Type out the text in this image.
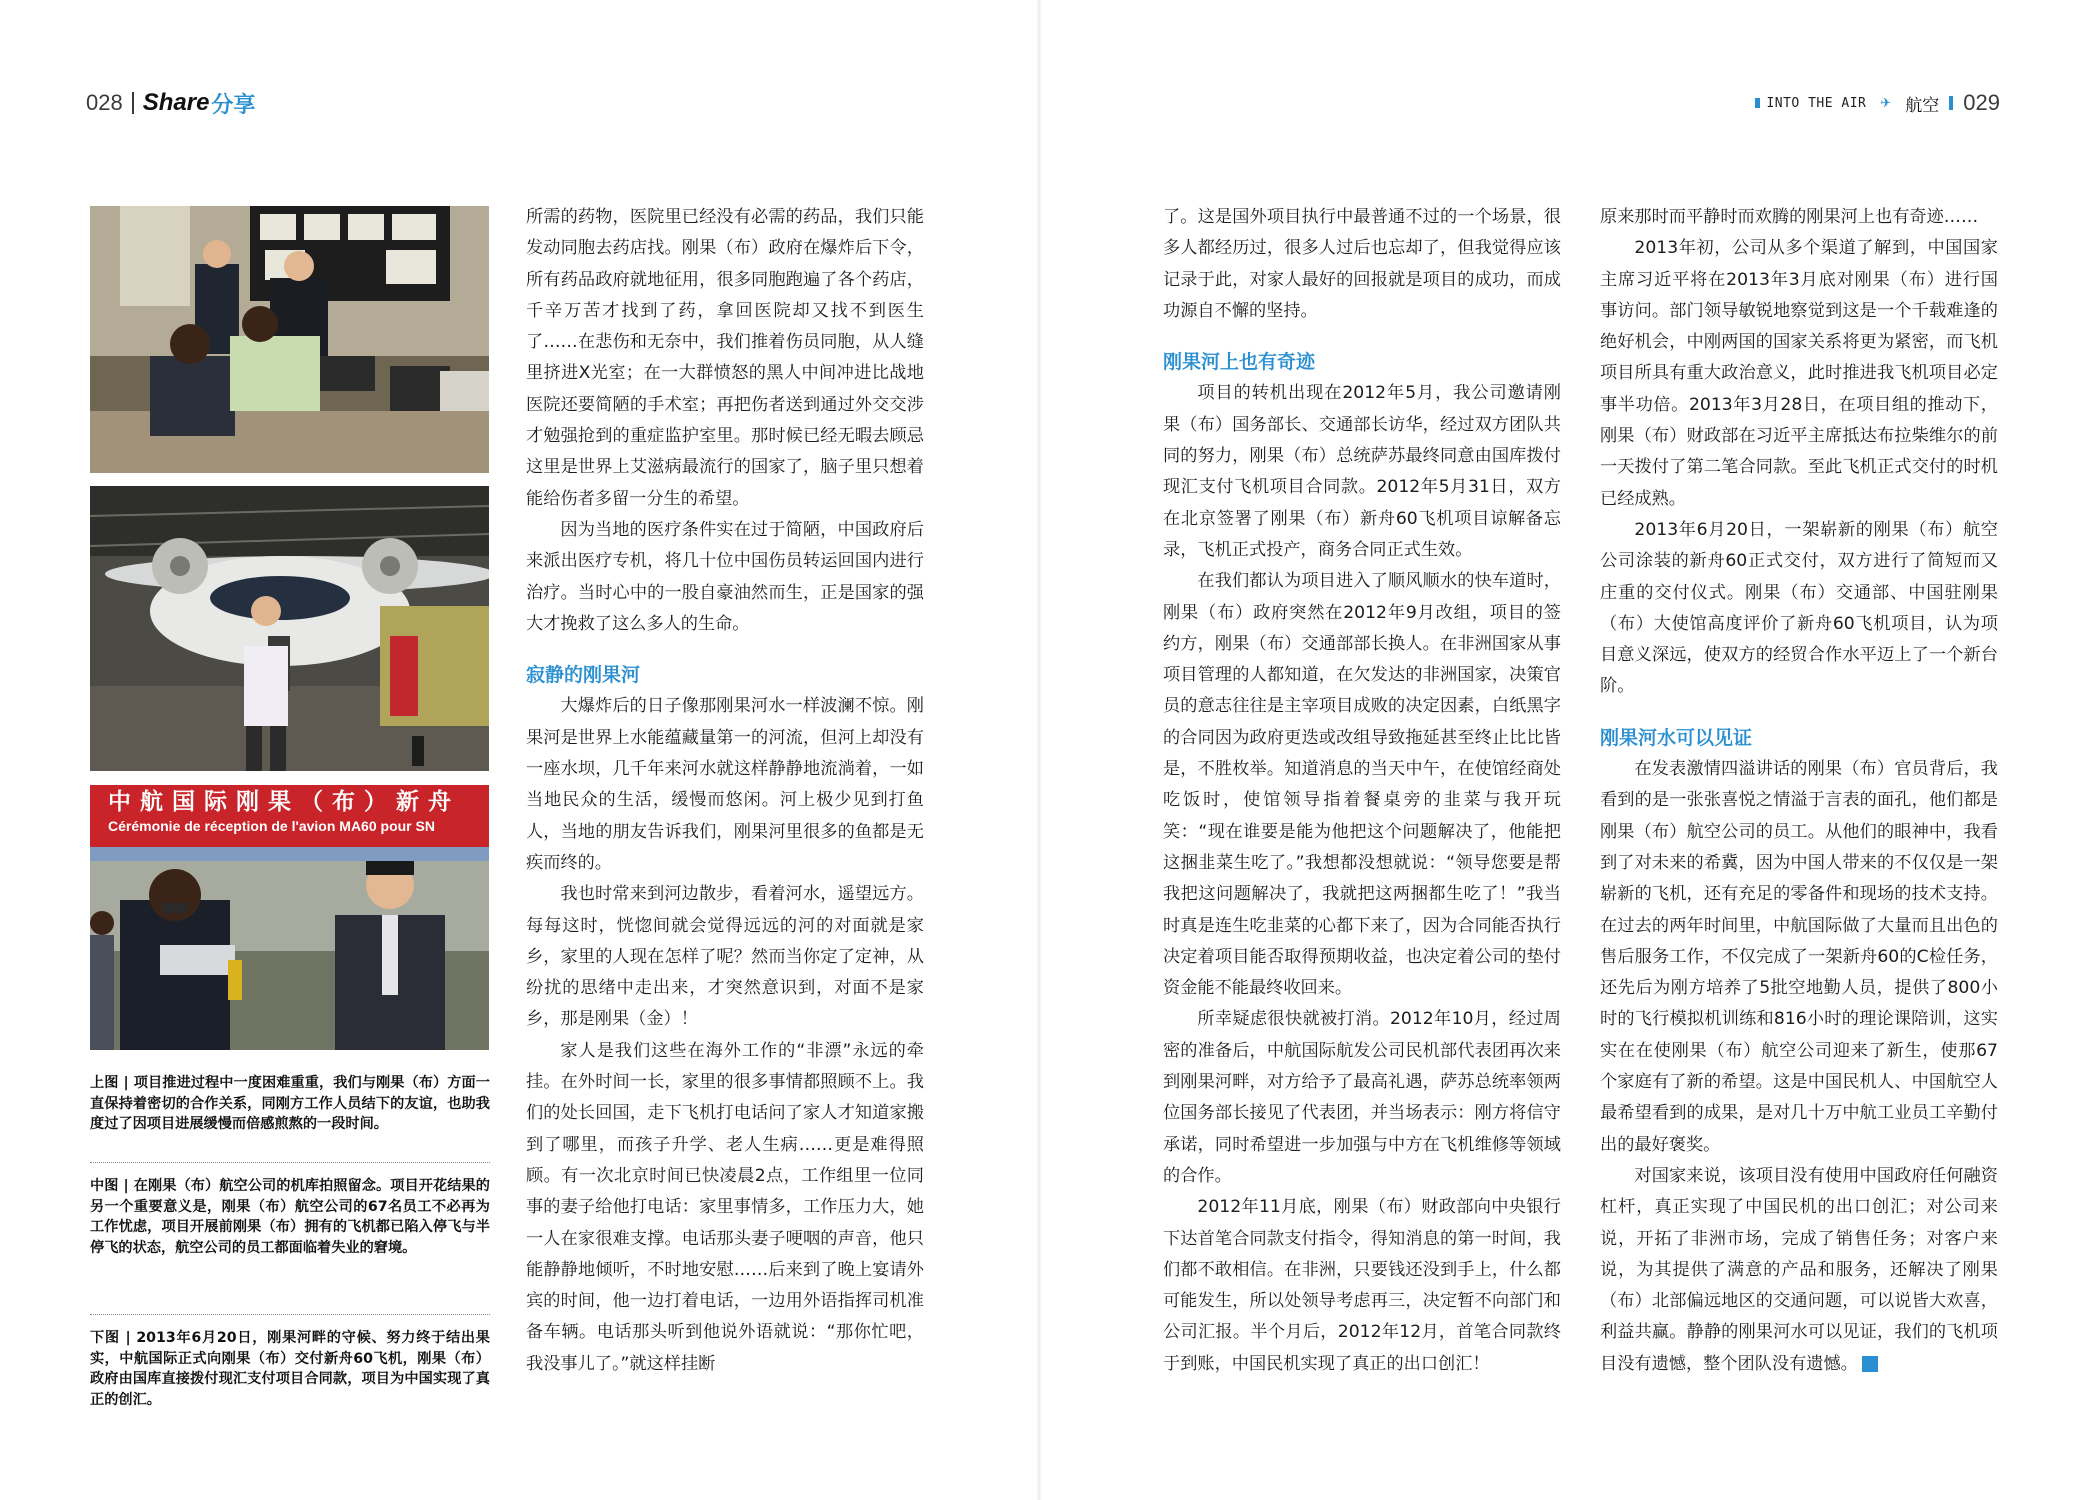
028 Share 分享	INTO THE AIR ✈ 航空 029
中航国际刚果（布）新舟
Cérémonie de réception de l'avion MA60 pour SN
上图 | 项目推进过程中一度困难重重，我们与刚果（布）方面一直保持着密切的合作关系，同刚方工作人员结下的友谊，也助我度过了因项目进展缓慢而倍感煎熬的一段时间。
中图 | 在刚果（布）航空公司的机库拍照留念。项目开花结果的另一个重要意义是，刚果（布）航空公司的67名员工不必再为工作忧虑，项目开展前刚果（布）拥有的飞机都已陷入停飞与半停飞的状态，航空公司的员工都面临着失业的窘境。
下图 | 2013年6月20日，刚果河畔的守候、努力终于结出果实，中航国际正式向刚果（布）交付新舟60飞机，刚果（布）政府由国库直接拨付现汇支付项目合同款，项目为中国实现了真正的创汇。

所需的药物，医院里已经没有必需的药品，我们只能发动同胞去药店找。刚果（布）政府在爆炸后下令，所有药品政府就地征用，很多同胞跑遍了各个药店，千辛万苦才找到了药，拿回医院却又找不到医生了……在悲伤和无奈中，我们推着伤员同胞，从人缝里挤进X光室；在一大群愤怒的黑人中间冲进比战地医院还要简陋的手术室；再把伤者送到通过外交交涉才勉强抢到的重症监护室里。那时候已经无暇去顾忌这里是世界上艾滋病最流行的国家了，脑子里只想着能给伤者多留一分生的希望。

因为当地的医疗条件实在过于简陋，中国政府后来派出医疗专机，将几十位中国伤员转运回国内进行治疗。当时心中的一股自豪油然而生，正是国家的强大才挽救了这么多人的生命。

寂静的刚果河

大爆炸后的日子像那刚果河水一样波澜不惊。刚果河是世界上水能蕴藏量第一的河流，但河上却没有一座水坝，几千年来河水就这样静静地流淌着，一如当地民众的生活，缓慢而悠闲。河上极少见到打鱼人，当地的朋友告诉我们，刚果河里很多的鱼都是无疾而终的。

我也时常来到河边散步，看着河水，遥望远方。每每这时，恍惚间就会觉得远远的河的对面就是家乡，家里的人现在怎样了呢？然而当你定了定神，从纷扰的思绪中走出来，才突然意识到，对面不是家乡，那是刚果（金）！

家人是我们这些在海外工作的“非漂”永远的牵挂。在外时间一长，家里的很多事情都照顾不上。我们的处长回国，走下飞机打电话问了家人才知道家搬到了哪里，而孩子升学、老人生病……更是难得照顾。有一次北京时间已快凌晨2点，工作组里一位同事的妻子给他打电话：家里事情多，工作压力大，她一人在家很难支撑。电话那头妻子哽咽的声音，他只能静静地倾听，不时地安慰……后来到了晚上宴请外宾的时间，他一边打着电话，一边用外语指挥司机准备车辆。电话那头听到他说外语就说：“那你忙吧，我没事儿了。”就这样挂断

了。这是国外项目执行中最普通不过的一个场景，很多人都经历过，很多人过后也忘却了，但我觉得应该记录于此，对家人最好的回报就是项目的成功，而成功源自不懈的坚持。

刚果河上也有奇迹

项目的转机出现在2012年5月，我公司邀请刚果（布）国务部长、交通部长访华，经过双方团队共同的努力，刚果（布）总统萨苏最终同意由国库拨付现汇支付飞机项目合同款。2012年5月31日，双方在北京签署了刚果（布）新舟60飞机项目谅解备忘录，飞机正式投产，商务合同正式生效。

在我们都认为项目进入了顺风顺水的快车道时，刚果（布）政府突然在2012年9月改组，项目的签约方，刚果（布）交通部部长换人。在非洲国家从事项目管理的人都知道，在欠发达的非洲国家，决策官员的意志往往是主宰项目成败的决定因素，白纸黑字的合同因为政府更迭或改组导致拖延甚至终止比比皆是，不胜枚举。知道消息的当天中午，在使馆经商处吃饭时，使馆领导指着餐桌旁的韭菜与我开玩笑：“现在谁要是能为他把这个问题解决了，他能把这捆韭菜生吃了。”我想都没想就说：“领导您要是帮我把这问题解决了，我就把这两捆都生吃了！”我当时真是连生吃韭菜的心都下来了，因为合同能否执行决定着项目能否取得预期收益，也决定着公司的垫付资金能不能最终收回来。

所幸疑虑很快就被打消。2012年10月，经过周密的准备后，中航国际航发公司民机部代表团再次来到刚果河畔，对方给予了最高礼遇，萨苏总统率领两位国务部长接见了代表团，并当场表示：刚方将信守承诺，同时希望进一步加强与中方在飞机维修等领域的合作。

2012年11月底，刚果（布）财政部向中央银行下达首笔合同款支付指令，得知消息的第一时间，我们都不敢相信。在非洲，只要钱还没到手上，什么都可能发生，所以处领导考虑再三，决定暂不向部门和公司汇报。半个月后，2012年12月，首笔合同款终于到账，中国民机实现了真正的出口创汇！

原来那时而平静时而欢腾的刚果河上也有奇迹……

2013年初，公司从多个渠道了解到，中国国家主席习近平将在2013年3月底对刚果（布）进行国事访问。部门领导敏锐地察觉到这是一个千载难逢的绝好机会，中刚两国的国家关系将更为紧密，而飞机项目所具有重大政治意义，此时推进我飞机项目必定事半功倍。2013年3月28日，在项目组的推动下，刚果（布）财政部在习近平主席抵达布拉柴维尔的前一天拨付了第二笔合同款。至此飞机正式交付的时机已经成熟。

2013年6月20日，一架崭新的刚果（布）航空公司涂装的新舟60正式交付，双方进行了简短而又庄重的交付仪式。刚果（布）交通部、中国驻刚果（布）大使馆高度评价了新舟60飞机项目，认为项目意义深远，使双方的经贸合作水平迈上了一个新台阶。

刚果河水可以见证

在发表激情四溢讲话的刚果（布）官员背后，我看到的是一张张喜悦之情溢于言表的面孔，他们都是刚果（布）航空公司的员工。从他们的眼神中，我看到了对未来的希冀，因为中国人带来的不仅仅是一架崭新的飞机，还有充足的零备件和现场的技术支持。在过去的两年时间里，中航国际做了大量而且出色的售后服务工作，不仅完成了一架新舟60的C检任务，还先后为刚方培养了5批空地勤人员，提供了800小时的飞行模拟机训练和816小时的理论课陪训，这实实在在使刚果（布）航空公司迎来了新生，使那67个家庭有了新的希望。这是中国民机人、中国航空人最希望看到的成果，是对几十万中航工业员工辛勤付出的最好褒奖。

对国家来说，该项目没有使用中国政府任何融资杠杆，真正实现了中国民机的出口创汇；对公司来说，开拓了非洲市场，完成了销售任务；对客户来说，为其提供了满意的产品和服务，还解决了刚果（布）北部偏远地区的交通问题，可以说皆大欢喜，利益共赢。静静的刚果河水可以见证，我们的飞机项目没有遗憾，整个团队没有遗憾。	S
